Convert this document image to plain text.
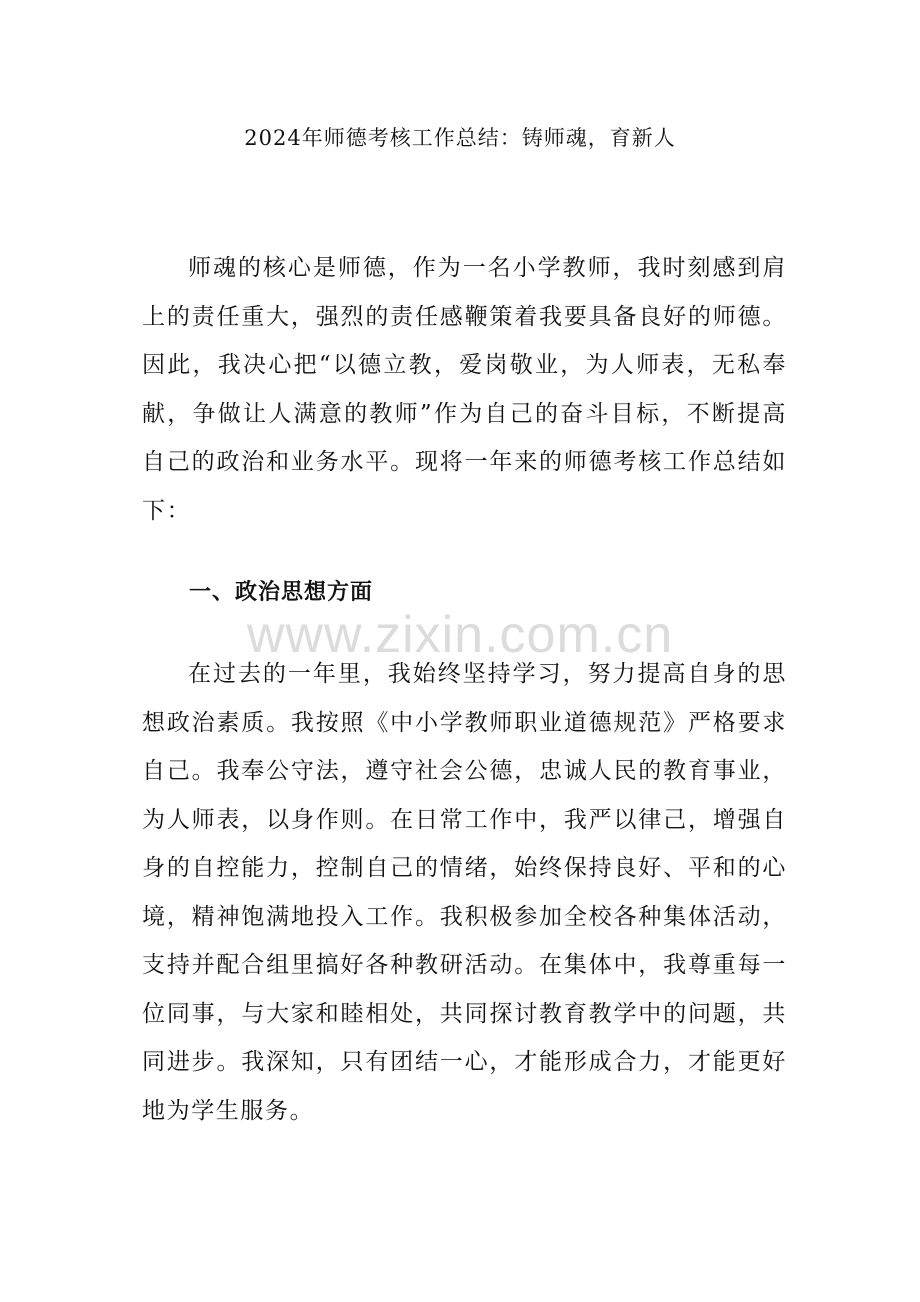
2024年师德考核工作总结：铸师魂，育新人

师魂的核心是师德，作为一名小学教师，我时刻感到肩上的责任重大，强烈的责任感鞭策着我要具备良好的师德。因此，我决心把“以德立教，爱岗敬业，为人师表，无私奉献，争做让人满意的教师”作为自己的奋斗目标，不断提高自己的政治和业务水平。现将一年来的师德考核工作总结如下：

一、政治思想方面
www.zixin.com.cn

在过去的一年里，我始终坚持学习，努力提高自身的思想政治素质。我按照《中小学教师职业道德规范》严格要求自己。我奉公守法，遵守社会公德，忠诚人民的教育事业，为人师表，以身作则。在日常工作中，我严以律己，增强自身的自控能力，控制自己的情绪，始终保持良好、平和的心境，精神饱满地投入工作。我积极参加全校各种集体活动，支持并配合组里搞好各种教研活动。在集体中，我尊重每一位同事，与大家和睦相处，共同探讨教育教学中的问题，共同进步。我深知，只有团结一心，才能形成合力，才能更好地为学生服务。
